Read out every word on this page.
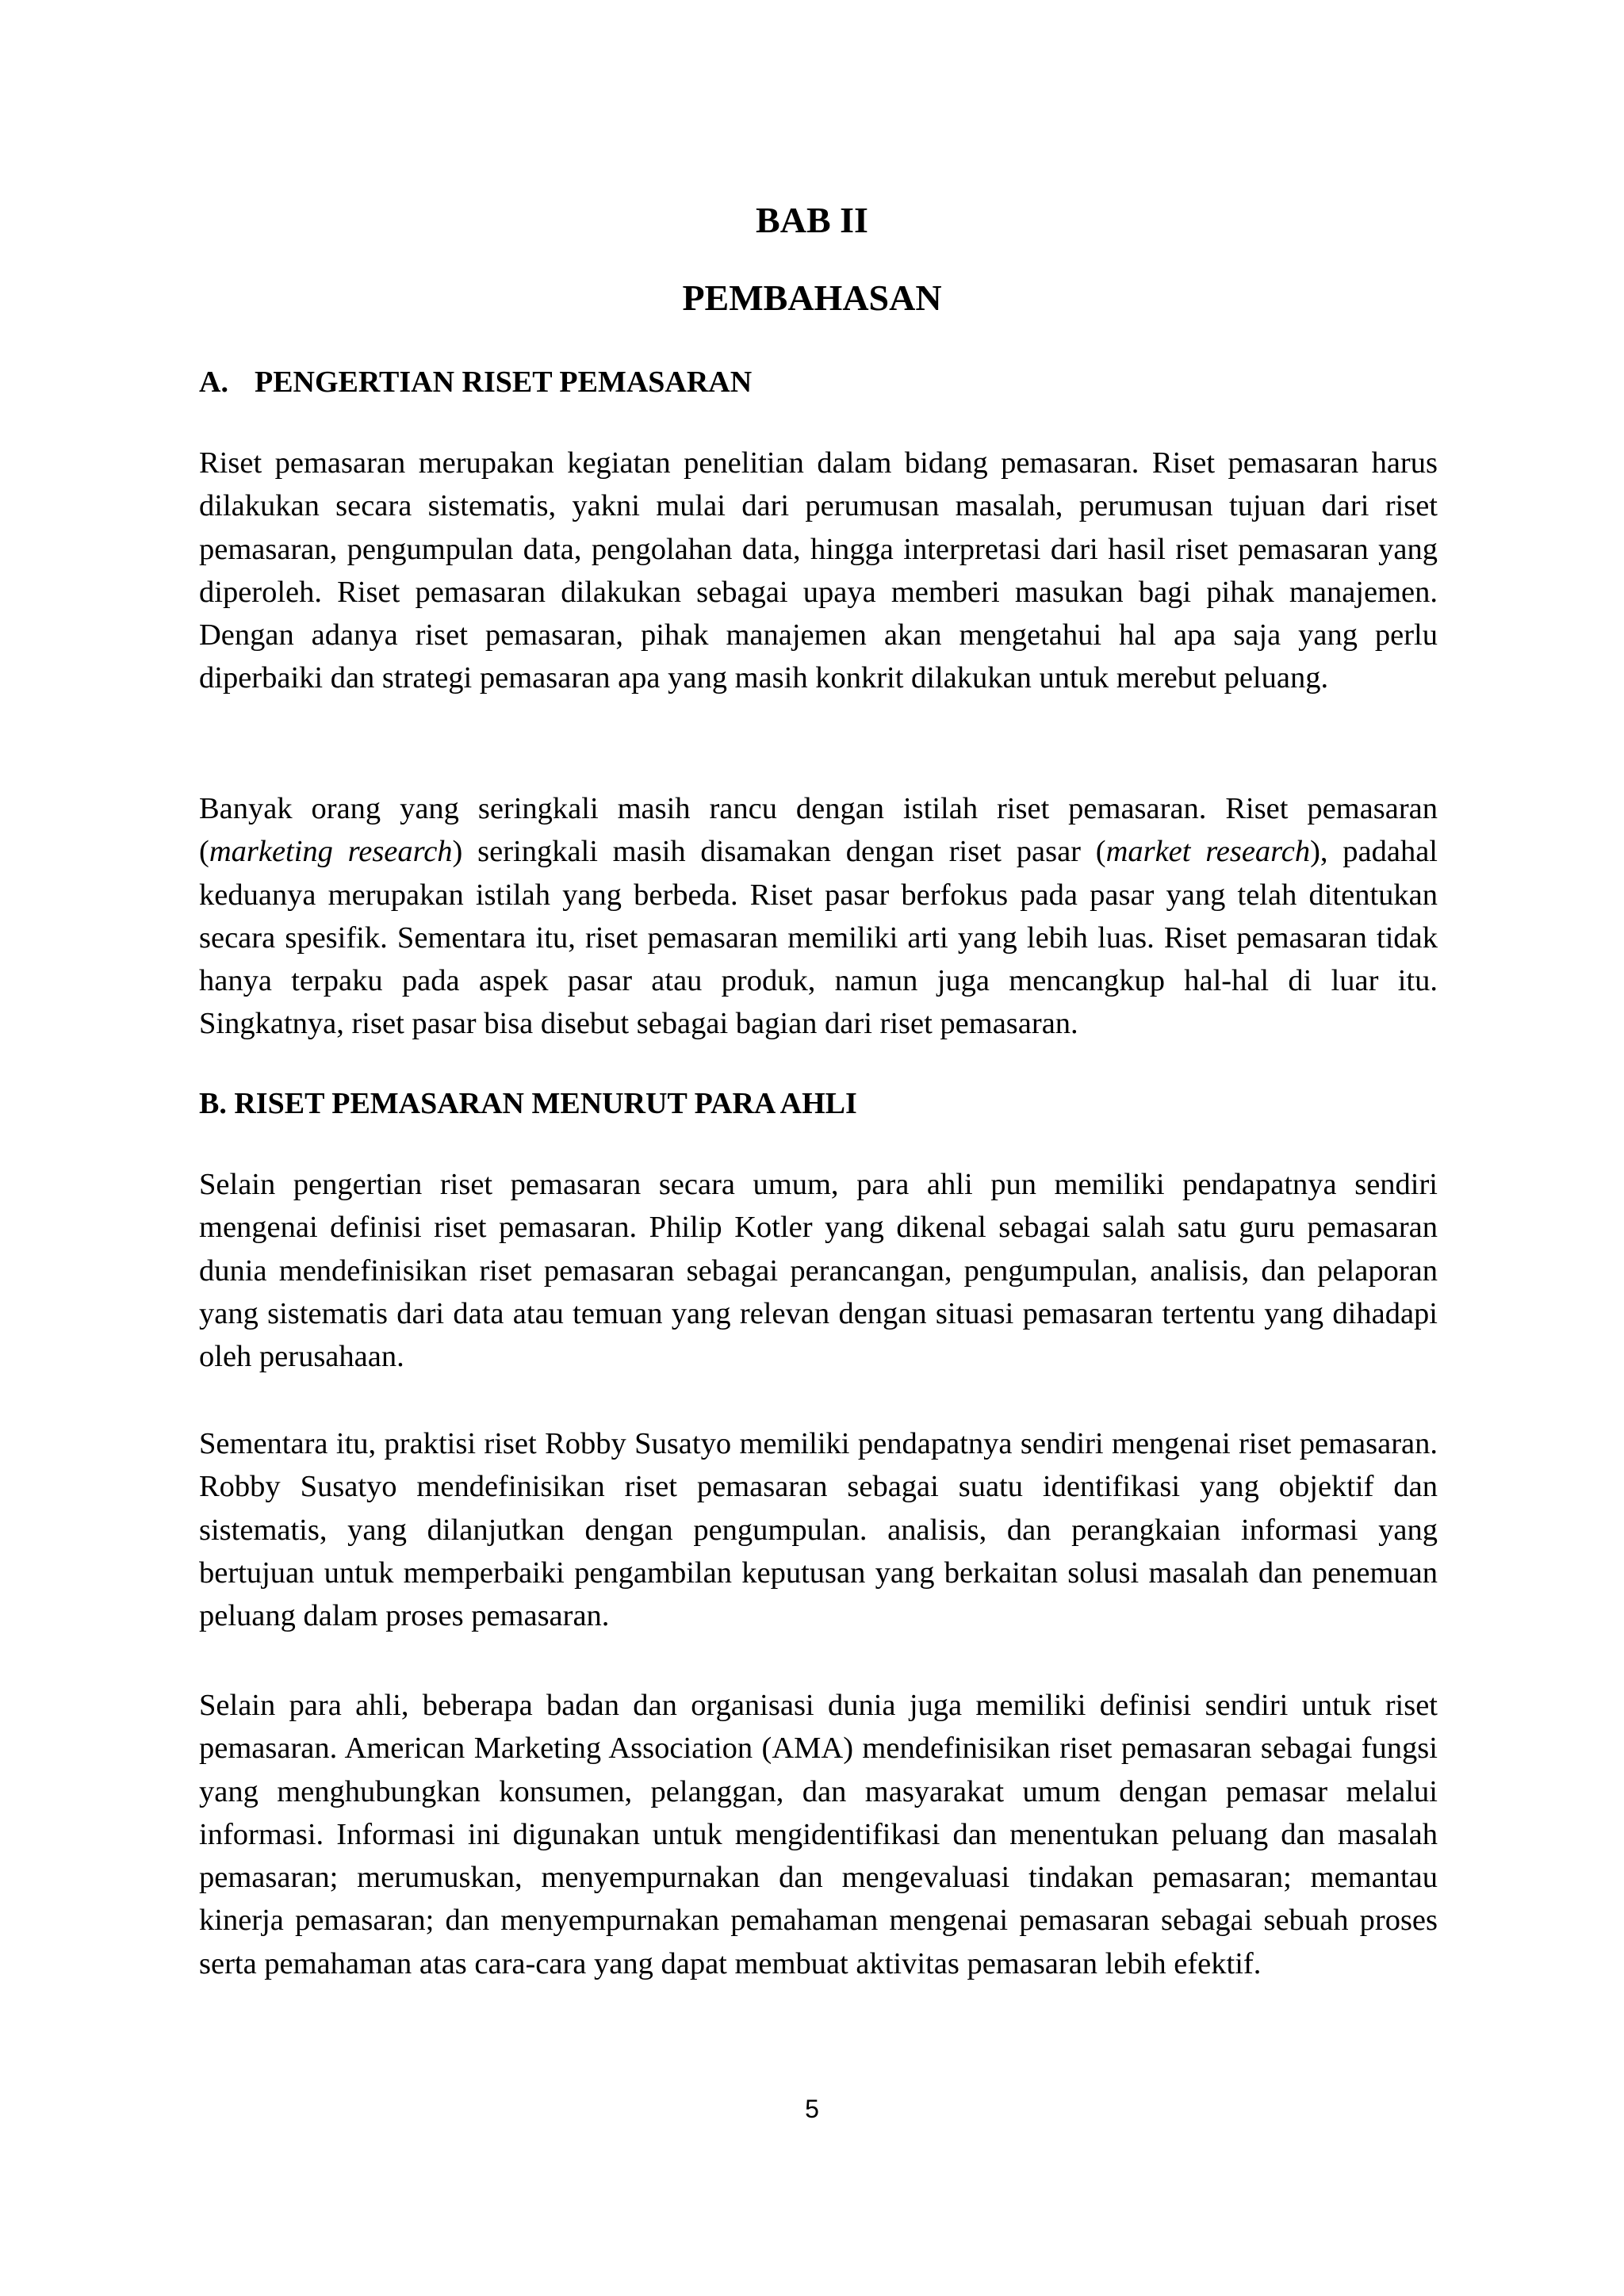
BAB II
PEMBAHASAN
A. PENGERTIAN RISET PEMASARAN

Riset pemasaran merupakan kegiatan penelitian dalam bidang pemasaran. Riset pemasaran harus dilakukan secara sistematis, yakni mulai dari perumusan masalah, perumusan tujuan dari riset pemasaran, pengumpulan data, pengolahan data, hingga interpretasi dari hasil riset pemasaran yang diperoleh. Riset pemasaran dilakukan sebagai upaya memberi masukan bagi pihak manajemen. Dengan adanya riset pemasaran, pihak manajemen akan mengetahui hal apa saja yang perlu diperbaiki dan strategi pemasaran apa yang masih konkrit dilakukan untuk merebut peluang.

Banyak orang yang seringkali masih rancu dengan istilah riset pemasaran. Riset pemasaran (marketing research) seringkali masih disamakan dengan riset pasar (market research), padahal keduanya merupakan istilah yang berbeda. Riset pasar berfokus pada pasar yang telah ditentukan secara spesifik. Sementara itu, riset pemasaran memiliki arti yang lebih luas. Riset pemasaran tidak hanya terpaku pada aspek pasar atau produk, namun juga mencangkup hal-hal di luar itu. Singkatnya, riset pasar bisa disebut sebagai bagian dari riset pemasaran.

B. RISET PEMASARAN MENURUT PARA AHLI

Selain pengertian riset pemasaran secara umum, para ahli pun memiliki pendapatnya sendiri mengenai definisi riset pemasaran. Philip Kotler yang dikenal sebagai salah satu guru pemasaran dunia mendefinisikan riset pemasaran sebagai perancangan, pengumpulan, analisis, dan pelaporan yang sistematis dari data atau temuan yang relevan dengan situasi pemasaran tertentu yang dihadapi oleh perusahaan.

Sementara itu, praktisi riset Robby Susatyo memiliki pendapatnya sendiri mengenai riset pemasaran. Robby Susatyo mendefinisikan riset pemasaran sebagai suatu identifikasi yang objektif dan sistematis, yang dilanjutkan dengan pengumpulan. analisis, dan perangkaian informasi yang bertujuan untuk memperbaiki pengambilan keputusan yang berkaitan solusi masalah dan penemuan peluang dalam proses pemasaran.

Selain para ahli, beberapa badan dan organisasi dunia juga memiliki definisi sendiri untuk riset pemasaran. American Marketing Association (AMA) mendefinisikan riset pemasaran sebagai fungsi yang menghubungkan konsumen, pelanggan, dan masyarakat umum dengan pemasar melalui informasi. Informasi ini digunakan untuk mengidentifikasi dan menentukan peluang dan masalah pemasaran; merumuskan, menyempurnakan dan mengevaluasi tindakan pemasaran; memantau kinerja pemasaran; dan menyempurnakan pemahaman mengenai pemasaran sebagai sebuah proses serta pemahaman atas cara-cara yang dapat membuat aktivitas pemasaran lebih efektif.

5
